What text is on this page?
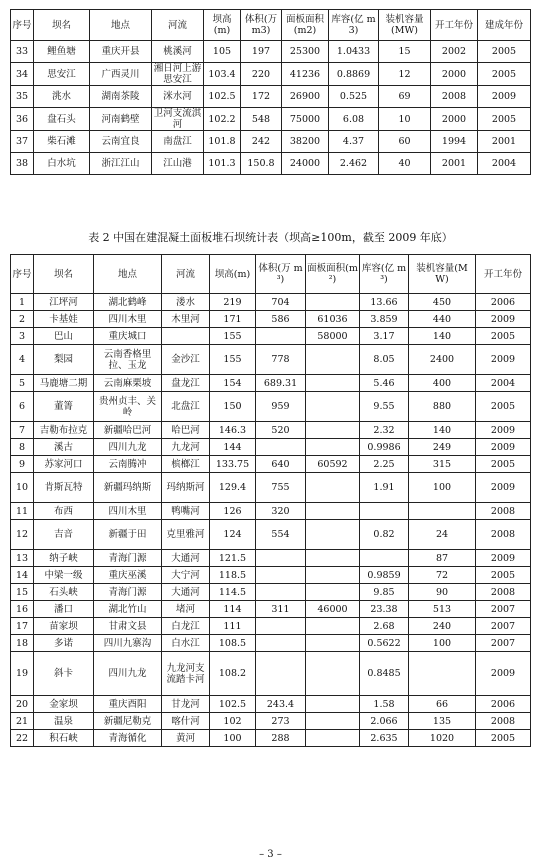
序号	坝名	地点	河流	坝高(m)	体积(万 m3)	面板面积(m2)	库容(亿 m3)	装机容量(MW)	开工年份	建成年份
33	鲤鱼塘	重庆开县	桃溪河	105	197	25300	1.0433	15	2002	2005
34	思安江	广西灵川	湘日河上游思安江	103.4	220	41236	0.8869	12	2000	2005
35	洮水	湖南茶陵	洣水河	102.5	172	26900	0.525	69	2008	2009
36	盘石头	河南鹤壁	卫河支流淇河	102.2	548	75000	6.08	10	2000	2005
37	柴石滩	云南宜良	南盘江	101.8	242	38200	4.37	60	1994	2001
38	白水坑	浙江江山	江山港	101.3	150.8	24000	2.462	40	2001	2004
表 2 中国在建混凝土面板堆石坝统计表（坝高≥100m，截至 2009 年底）
序号	坝名	地点	河流	坝高(m)	体积(万 m³)	面板面积(m²)	库容(亿 m³)	装机容量(MW)	开工年份
1	江坪河	湖北鹤峰	溇水	219	704		13.66	450	2006
2	卡基娃	四川木里	木里河	171	586	61036	3.859	440	2009
3	巴山	重庆城口		155		58000	3.17	140	2005
4	梨园	云南香格里拉、玉龙	金沙江	155	778		8.05	2400	2009
5	马鹿塘二期	云南麻栗坡	盘龙江	154	689.31		5.46	400	2004
6	董箐	贵州贞丰、关岭	北盘江	150	959		9.55	880	2005
7	吉勒布拉克	新疆哈巴河	哈巴河	146.3	520		2.32	140	2009
8	溪古	四川九龙	九龙河	144			0.9986	249	2009
9	苏家河口	云南腾冲	槟榔江	133.75	640	60592	2.25	315	2005
10	肯斯瓦特	新疆玛纳斯	玛纳斯河	129.4	755		1.91	100	2009
11	布西	四川木里	鸭嘴河	126	320				2008
12	吉音	新疆于田	克里雅河	124	554		0.82	24	2008
13	纳子峡	青海门源	大通河	121.5				87	2009
14	中梁一级	重庆巫溪	大宁河	118.5			0.9859	72	2005
15	石头峡	青海门源	大通河	114.5			9.85	90	2008
16	潘口	湖北竹山	堵河	114	311	46000	23.38	513	2007
17	苗家坝	甘肃文县	白龙江	111			2.68	240	2007
18	多诺	四川九寨沟	白水江	108.5			0.5622	100	2007
19	斜卡	四川九龙	九龙河支流踏卡河	108.2			0.8485		2009
20	金家坝	重庆酉阳	甘龙河	102.5	243.4		1.58	66	2006
21	温泉	新疆尼勒克	喀什河	102	273		2.066	135	2008
22	积石峡	青海循化	黄河	100	288		2.635	1020	2005
– 3 –
